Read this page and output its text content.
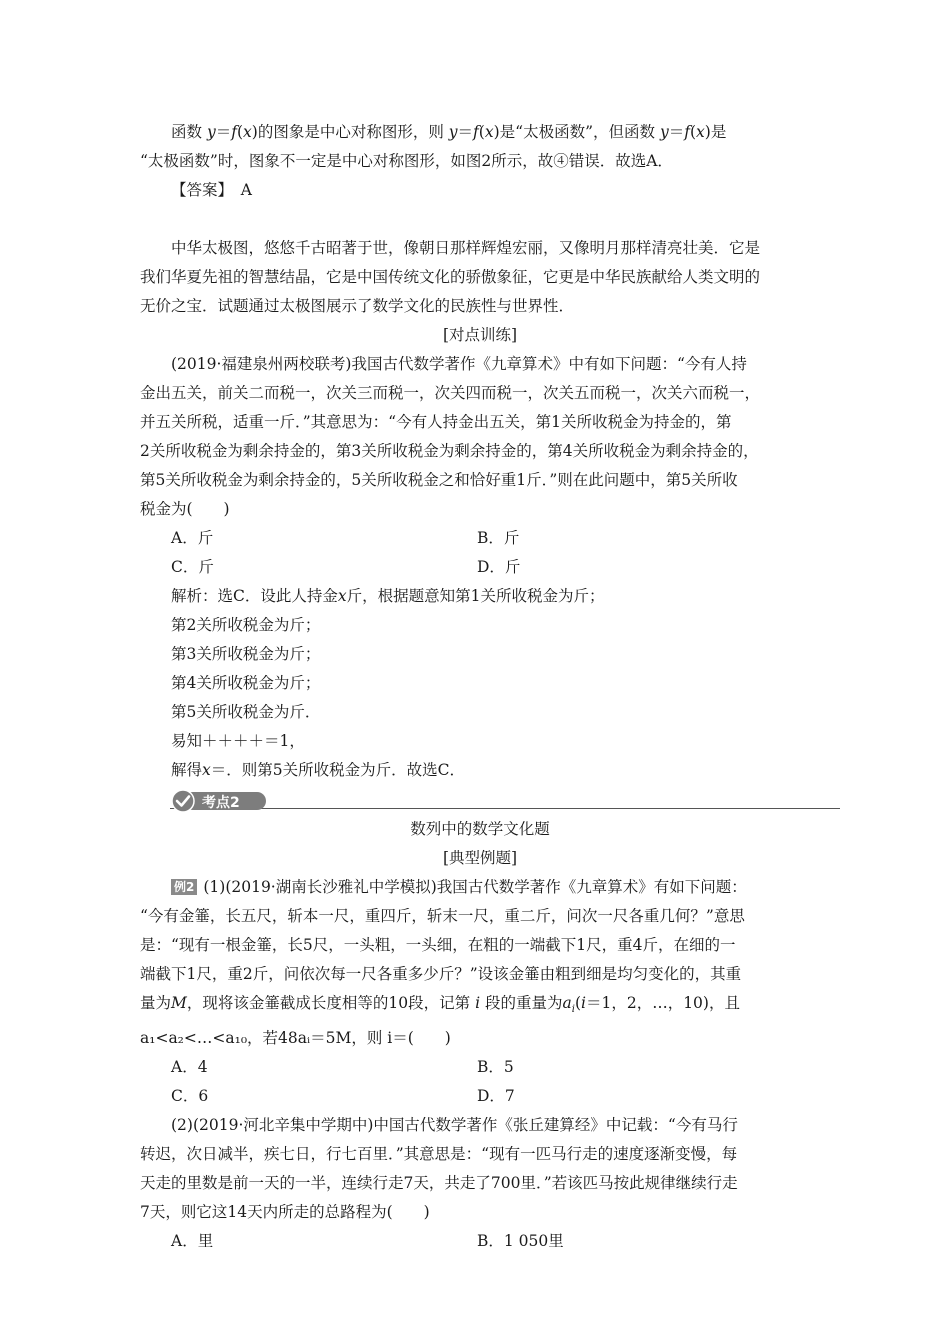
函数 y＝f(x)的图象是中心对称图形，则 y＝f(x)是“太极函数”，但函数 y＝f(x)是

“太极函数”时，图象不一定是中心对称图形，如图2所示，故④错误．故选A．

【答案】　 A

中华太极图，悠悠千古昭著于世，像朝日那样辉煌宏丽，又像明月那样清亮壮美．它是

我们华夏先祖的智慧结晶，它是中国传统文化的骄傲象征，它更是中华民族献给人类文明的

无价之宝．试题通过太极图展示了数学文化的民族性与世界性．

[对点训练]

(2019·福建泉州两校联考)我国古代数学著作《九章算术》中有如下问题：“今有人持

金出五关，前关二而税一，次关三而税一，次关四而税一，次关五而税一，次关六而税一，

并五关所税，适重一斤．”其意思为：“今有人持金出五关，第1关所收税金为持金的，第

2关所收税金为剩余持金的，第3关所收税金为剩余持金的，第4关所收税金为剩余持金的，

第5关所收税金为剩余持金的，5关所收税金之和恰好重1斤．”则在此问题中，第5关所收

税金为(　　)

A．斤	B．斤
C．斤	D．斤

解析：选C．设此人持金x斤，根据题意知第1关所收税金为斤；

第2关所收税金为斤；

第3关所收税金为斤；

第4关所收税金为斤；

第5关所收税金为斤．

易知＋＋＋＋＝1，

解得x＝．则第5关所收税金为斤．故选C．

考点2

数列中的数学文化题

[典型例题]

例2 (1)(2019·湖南长沙雅礼中学模拟)我国古代数学著作《九章算术》有如下问题：

“今有金箠，长五尺，斩本一尺，重四斤，斩末一尺，重二斤，问次一尺各重几何？”意思

是：“现有一根金箠，长5尺，一头粗，一头细，在粗的一端截下1尺，重4斤，在细的一

端截下1尺，重2斤，问依次每一尺各重多少斤？”设该金箠由粗到细是均匀变化的，其重

量为M，现将该金箠截成长度相等的10段，记第 i 段的重量为$a_i(i=1$，2，…，10)，且

a₁<a₂<…<a₁₀，若48aᵢ＝5M，则 i＝(　　)

A．4	B．5
C．6	D．7

(2)(2019·河北辛集中学期中)中国古代数学著作《张丘建算经》中记载：“今有马行

转迟，次日减半，疾七日，行七百里．”其意思是：“现有一匹马行走的速度逐渐变慢，每

天走的里数是前一天的一半，连续行走7天，共走了700里．”若该匹马按此规律继续行走

7天，则它这14天内所走的总路程为(　　)

A．里	B．1 050里
